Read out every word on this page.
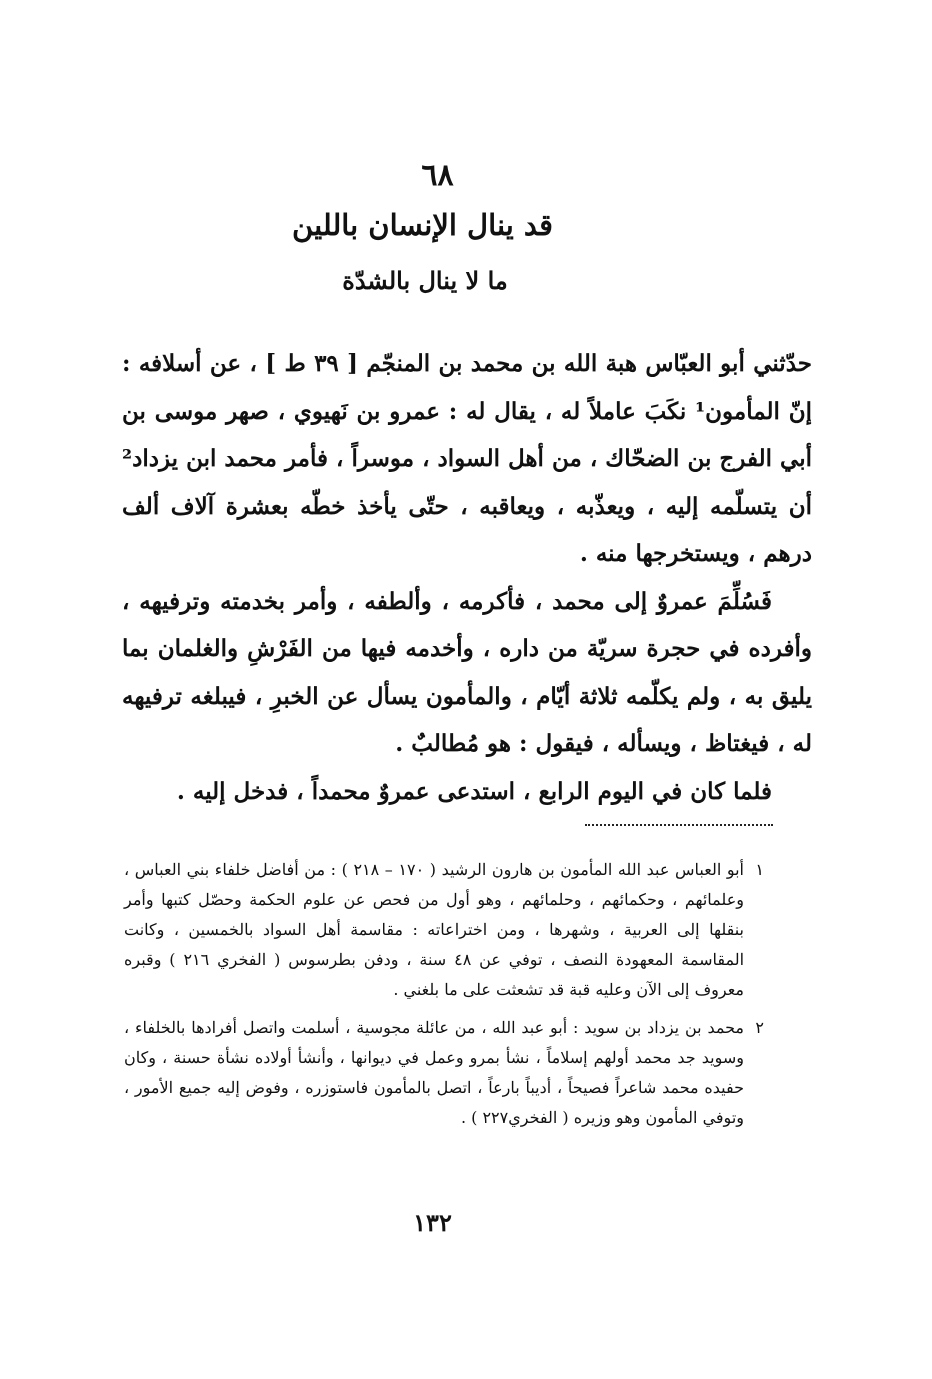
٦٨
قد ينال الإنسان باللين
ما لا ينال بالشدّة

حدّثني أبو العبّاس هبة الله بن محمد بن المنجّم [ ٣٩ ط ] ، عن أسلافه : إنّ المأمون¹ نكَبَ عاملاً له ، يقال له : عمرو بن نَهيوي ، صهر موسى بن أبي الفرج بن الضحّاك ، من أهل السواد ، موسراً ، فأمر محمد ابن يزداد² أن يتسلّمه إليه ، ويعذّبه ، ويعاقبه ، حتّى يأخذ خطّه بعشرة آلاف ألف درهم ، ويستخرجها منه .

فَسُلِّمَ عمروٌ إلى محمد ، فأكرمه ، وألطفه ، وأمر بخدمته وترفيهه ، وأفرده في حجرة سريّة من داره ، وأخدمه فيها من الفَرْشِ والغلمان بما يليق به ، ولم يكلّمه ثلاثة أيّام ، والمأمون يسأل عن الخبرِ ، فيبلغه ترفيهه له ، فيغتاظ ، ويسأله ، فيقول : هو مُطالبٌ .

فلما كان في اليوم الرابع ، استدعى عمروٌ محمداً ، فدخل إليه .

١
أبو العباس عبد الله المأمون بن هارون الرشيد ( ١٧٠ – ٢١٨ ) : من أفاضل خلفاء بني العباس ، وعلمائهم ، وحكمائهم ، وحلمائهم ، وهو أول من فحص عن علوم الحكمة وحصّل كتبها وأمر بنقلها إلى العربية ، وشهرها ، ومن اختراعاته : مقاسمة أهل السواد بالخمسين ، وكانت المقاسمة المعهودة النصف ، توفي عن ٤٨ سنة ، ودفن بطرسوس ( الفخري ٢١٦ ) وقبره معروف إلى الآن وعليه قبة قد تشعثت على ما بلغني .
٢
محمد بن يزداد بن سويد : أبو عبد الله ، من عائلة مجوسية ، أسلمت واتصل أفرادها بالخلفاء ، وسويد جد محمد أولهم إسلاماً ، نشأ بمرو وعمل في ديوانها ، وأنشأ أولاده نشأة حسنة ، وكان حفيده محمد شاعراً فصيحاً ، أديباً بارعاً ، اتصل بالمأمون فاستوزره ، وفوض إليه جميع الأمور ، وتوفي المأمون وهو وزيره ( الفخري٢٢٧ ) .
١٣٢
